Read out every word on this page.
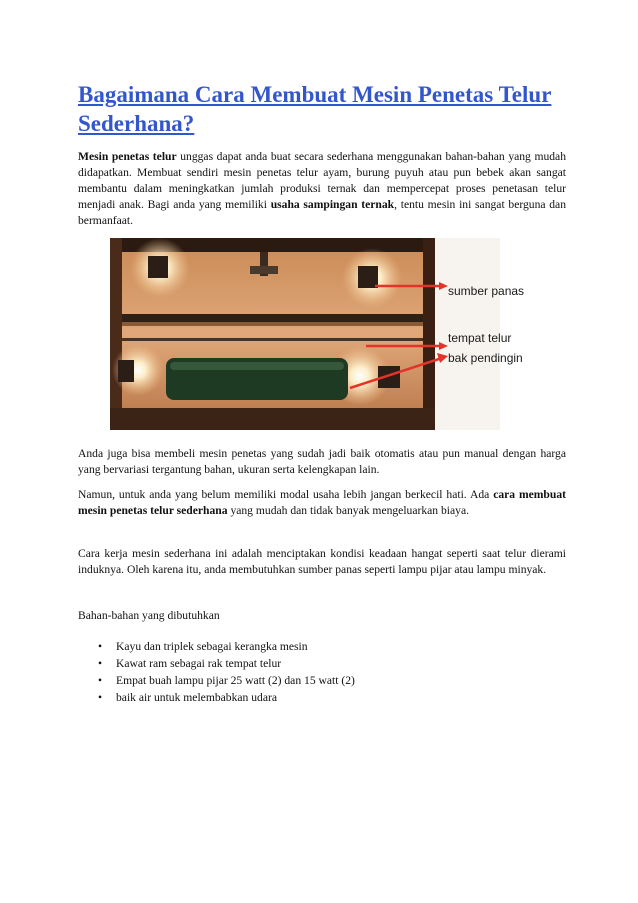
Bagaimana Cara Membuat Mesin Penetas Telur Sederhana?

Mesin penetas telur unggas dapat anda buat secara sederhana menggunakan bahan-bahan yang mudah didapatkan. Membuat sendiri mesin penetas telur ayam, burung puyuh atau pun bebek akan sangat membantu dalam meningkatkan jumlah produksi ternak dan mempercepat proses penetasan telur menjadi anak. Bagi anda yang memiliki usaha sampingan ternak, tentu mesin ini sangat berguna dan bermanfaat.

sumber panas
tempat telur
bak pendingin

Anda juga bisa membeli mesin penetas yang sudah jadi baik otomatis atau pun manual dengan harga yang bervariasi tergantung bahan, ukuran serta kelengkapan lain.

Namun, untuk anda yang belum memiliki modal usaha lebih jangan berkecil hati. Ada cara membuat mesin penetas telur sederhana yang mudah dan tidak banyak mengeluarkan biaya.

Cara kerja mesin sederhana ini adalah menciptakan kondisi keadaan hangat seperti saat telur dierami induknya. Oleh karena itu, anda membutuhkan sumber panas seperti lampu pijar atau lampu minyak.

Bahan-bahan yang dibutuhkan

• Kayu dan triplek sebagai kerangka mesin
• Kawat ram sebagai rak tempat telur
• Empat buah lampu pijar 25 watt (2) dan 15 watt (2)
• baik air untuk melembabkan udara
